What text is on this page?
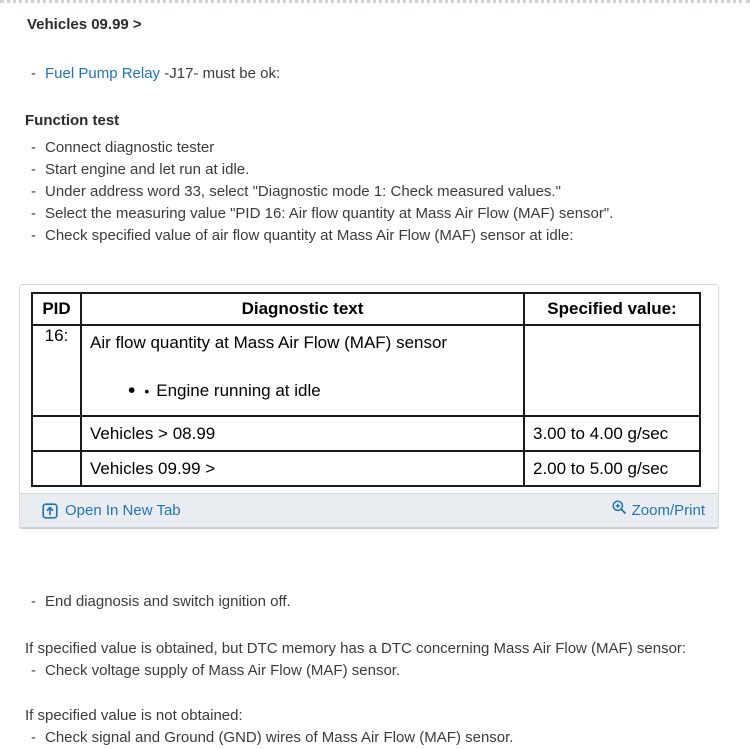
Vehicles 09.99 >
- Fuel Pump Relay -J17- must be ok:
Function test
- Connect diagnostic tester
- Start engine and let run at idle.
- Under address word 33, select "Diagnostic mode 1: Check measured values."
- Select the measuring value "PID 16: Air flow quantity at Mass Air Flow (MAF) sensor".
- Check specified value of air flow quantity at Mass Air Flow (MAF) sensor at idle:
PID	Diagnostic text	Specified value:
16:	Air flow quantity at Mass Air Flow (MAF) sensor
• • Engine running at idle	

	Vehicles > 08.99	3.00 to 4.00 g/sec
	Vehicles 09.99 >	2.00 to 5.00 g/sec
Open In New Tab	Zoom/Print
- End diagnosis and switch ignition off.
If specified value is obtained, but DTC memory has a DTC concerning Mass Air Flow (MAF) sensor:
- Check voltage supply of Mass Air Flow (MAF) sensor.
If specified value is not obtained:
- Check signal and Ground (GND) wires of Mass Air Flow (MAF) sensor.
